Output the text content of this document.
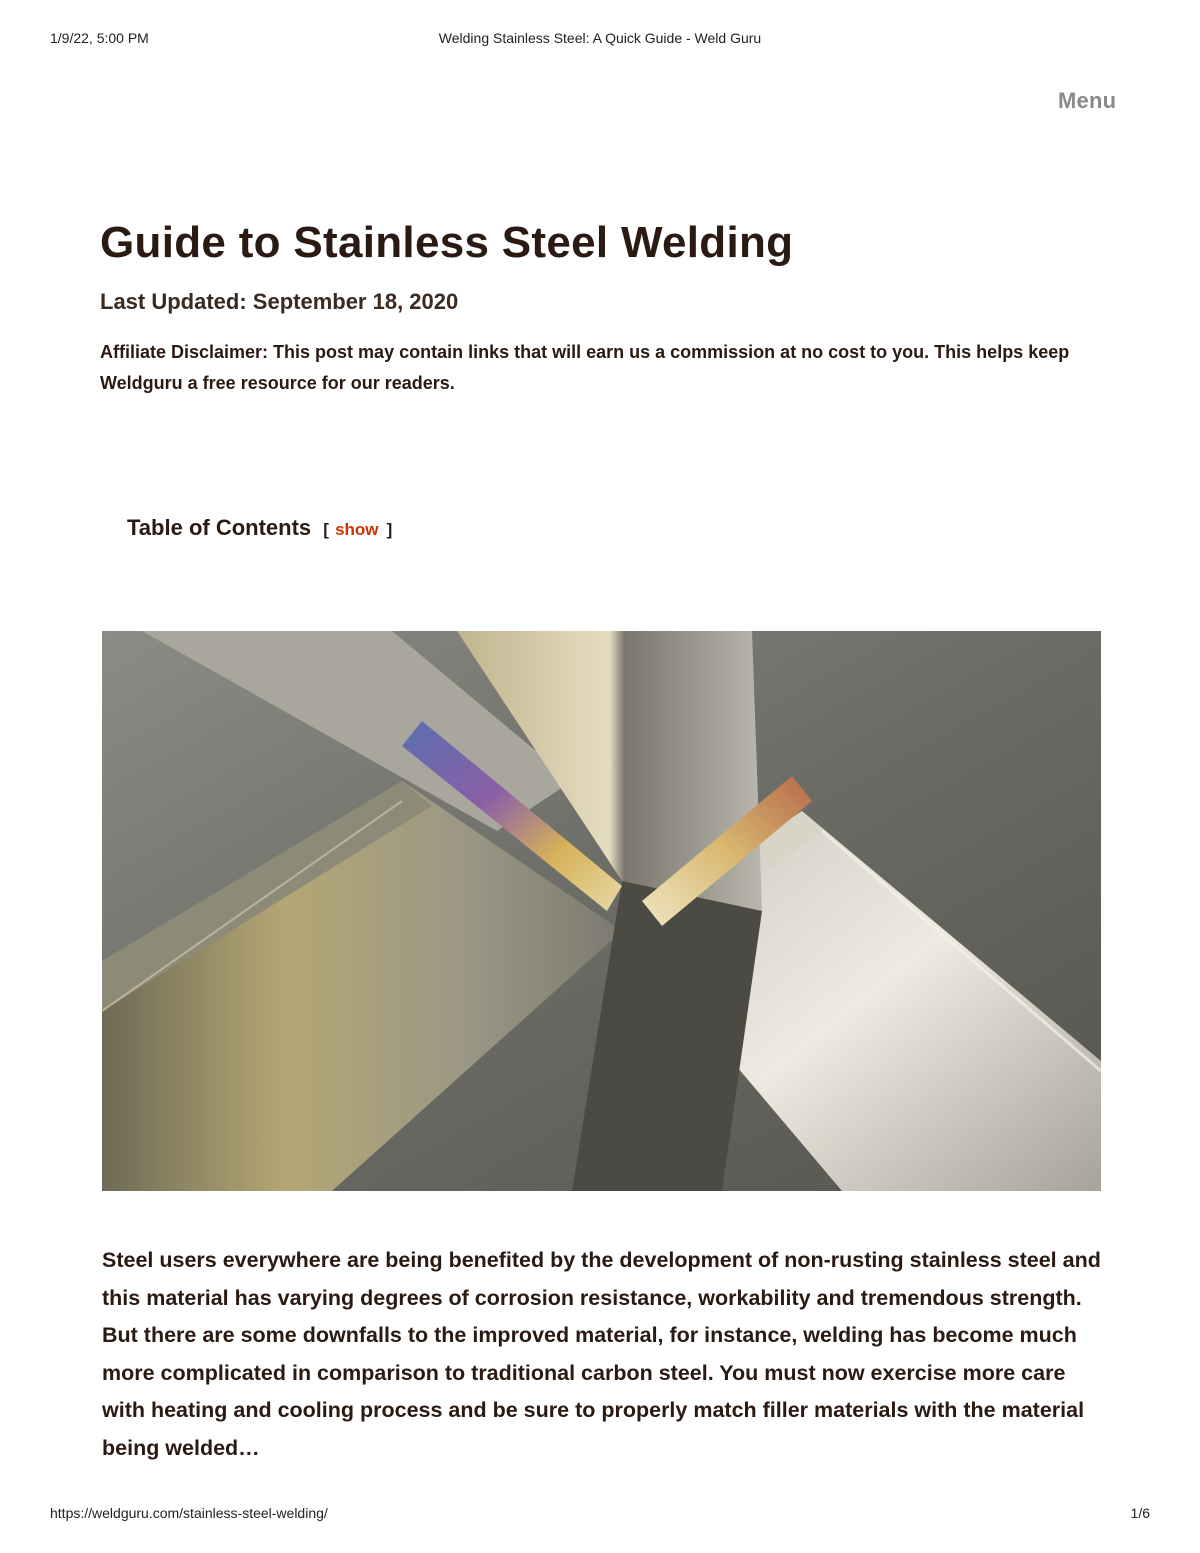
1/9/22, 5:00 PM	Welding Stainless Steel: A Quick Guide - Weld Guru
Menu
Guide to Stainless Steel Welding
Last Updated: September 18, 2020
Affiliate Disclaimer: This post may contain links that will earn us a commission at no cost to you. This helps keep Weldguru a free resource for our readers.
Table of Contents [ show ]

Steel users everywhere are being benefited by the development of non-rusting stainless steel and this material has varying degrees of corrosion resistance, workability and tremendous strength. But there are some downfalls to the improved material, for instance, welding has become much more complicated in comparison to traditional carbon steel. You must now exercise more care with heating and cooling process and be sure to properly match filler materials with the material being welded…

https://weldguru.com/stainless-steel-welding/	1/6
